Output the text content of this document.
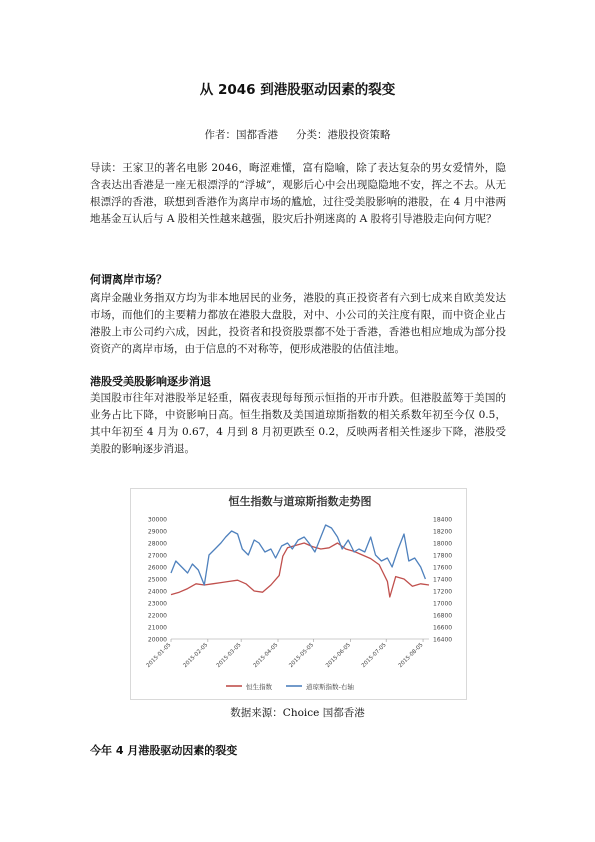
从 2046 到港股驱动因素的裂变
作者：国都香港 分类：港股投资策略

导读：王家卫的著名电影 2046，晦涩难懂，富有隐喻，除了表达复杂的男女爱情外，隐含表达出香港是一座无根漂浮的“浮城”，观影后心中会出现隐隐地不安，挥之不去。从无根漂浮的香港，联想到香港作为离岸市场的尴尬，过往受美股影响的港股，在 4 月中港两地基金互认后与 A 股相关性越来越强，股灾后扑朔迷离的 A 股将引导港股走向何方呢？

何谓离岸市场？

离岸金融业务指双方均为非本地居民的业务，港股的真正投资者有六到七成来自欧美发达市场，而他们的主要精力都放在港股大盘股，对中、小公司的关注度有限，而中资企业占港股上市公司约六成，因此，投资者和投资股票都不处于香港，香港也相应地成为部分投资资产的离岸市场，由于信息的不对称等，便形成港股的估值洼地。

港股受美股影响逐步消退

美国股市往年对港股举足轻重，隔夜表现每每预示恒指的开市升跌。但港股蓝筹于美国的业务占比下降，中资影响日高。恒生指数及美国道琼斯指数的相关系数年初至今仅 0.5，其中年初至 4 月为 0.67，4 月到 8 月初更跌至 0.2，反映两者相关性逐步下降，港股受美股的影响逐步消退。

恒生指数与道琼斯指数走势图
30000
29000
28000
27000
26000
25000
24000
23000
22000
21000
20000
18400
18200
18000
17800
17600
17400
17200
17000
16800
16600
16400
2015-01-05 2015-02-05 2015-03-05 2015-04-05 2015-05-05 2015-06-05 2015-07-05 2015-08-05
恒生指数	道琼斯指数-右轴
数据来源：Choice 国都香港
今年 4 月港股驱动因素的裂变
